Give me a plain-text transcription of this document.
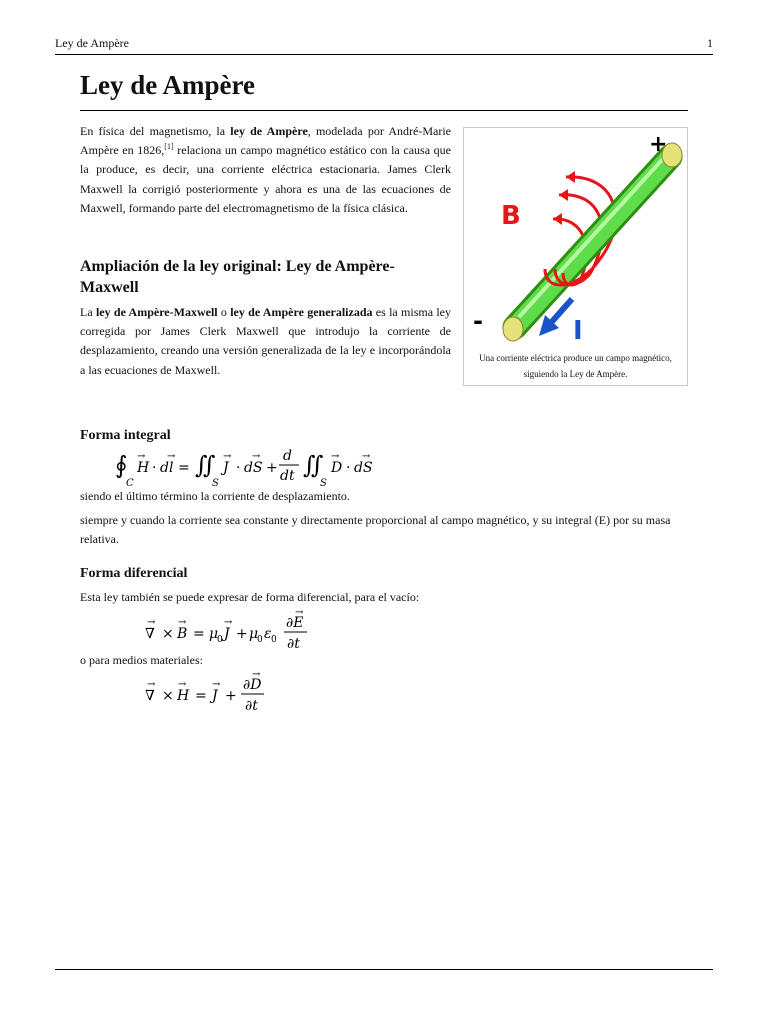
Ley de Ampère	1
Ley de Ampère

En física del magnetismo, la ley de Ampère, modelada por André-Marie Ampère en 1826,[1] relaciona un campo magnético estático con la causa que la produce, es decir, una corriente eléctrica estacionaria. James Clerk Maxwell la corrigió posteriormente y ahora es una de las ecuaciones de Maxwell, formando parte del electromagnetismo de la física clásica.

Ampliación de la ley original: Ley de Ampère-Maxwell

La ley de Ampère-Maxwell o ley de Ampère generalizada es la misma ley corregida por James Clerk Maxwell que introdujo la corriente de desplazamiento, creando una versión generalizada de la ley e incorporándola a las ecuaciones de Maxwell.

+
-
B
I
Una corriente eléctrica produce un campo magnético, siguiendo la Ley de Ampère.
Forma integral
∮
C
H
→
· dl
→
= ∬
S
J
→
· dS
→
+
d
dt ∬
S
D
→
· dS
→

siendo el último término la corriente de desplazamiento.

siempre y cuando la corriente sea constante y directamente proporcional al campo magnético, y su integral (E) por su masa relativa.

Forma diferencial

Esta ley también se puede expresar de forma diferencial, para el vacío:

∇
→
× B
→
= μ
0 J
→
+ μ
0 ε 0
∂E
→
∂t

o para medios materiales:

∇
→
× H
→
= J
→
+
∂D
→
∂t
